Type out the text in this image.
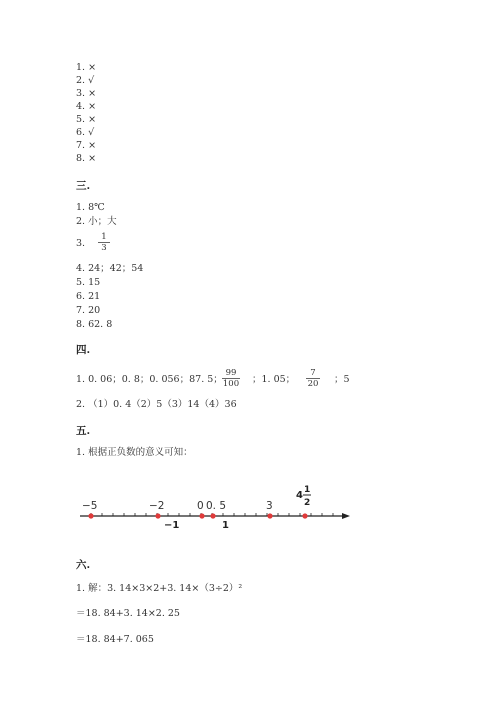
1. ×
2. √
3. ×
4. ×
5. ×
6. √
7. ×
8. ×
三.
1. 8℃
2. 小；大
3. $\frac{1}{3}$
4. 24；42；54
5. 15
6. 21
7. 20
8. 62. 8
四.
1. 0. 06；0. 8；0. 056；87. 5； $\frac{99}{100}$ ；1. 05； $\frac{7}{20}$ ；5
2. （1）0. 4（2）5（3）14（4）36
五.
1. 根据正负数的意义可知：
−5	−2	0 0. 5	3
−1	1
4 1
2
六.
1. 解：3. 14×3×2+3. 14×（3÷2）²
＝18. 84+3. 14×2. 25
＝18. 84+7. 065
